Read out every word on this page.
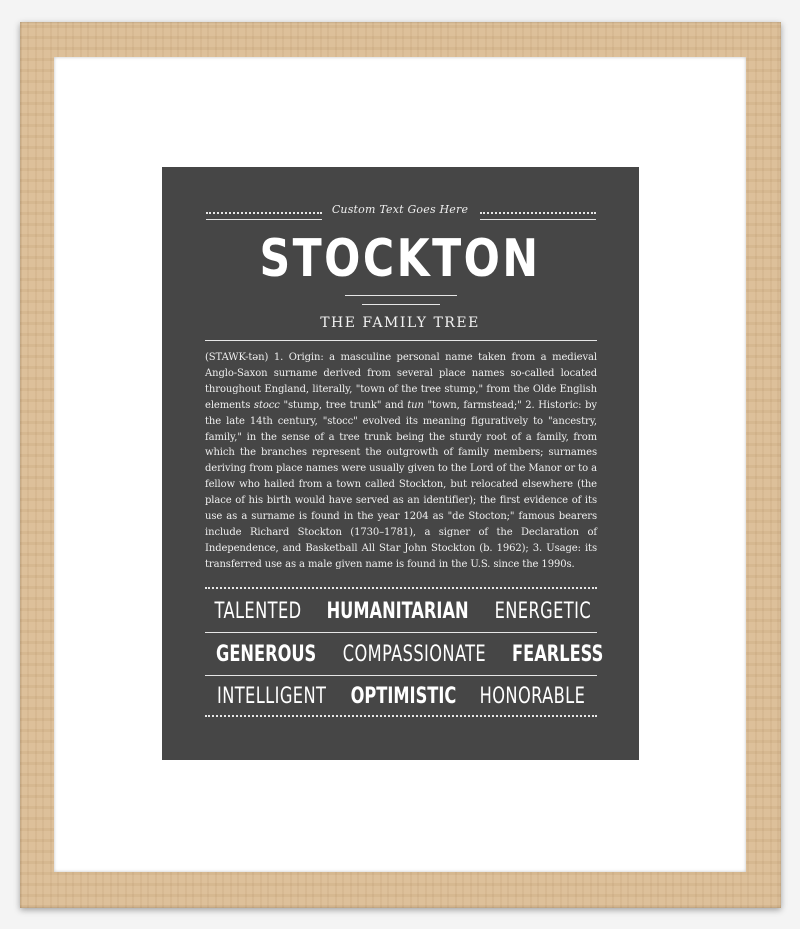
Custom Text Goes Here
STOCKTON
THE FAMILY TREE

(STAWK-tən) 1. Origin: a masculine personal name taken from a medieval Anglo-Saxon surname derived from several place names so-called located throughout England, literally, "town of the tree stump," from the Olde English elements stocc "stump, tree trunk" and tun "town, farmstead;" 2. Historic: by the late 14th century, "stocc" evolved its meaning figuratively to "ancestry, family," in the sense of a tree trunk being the sturdy root of a family, from which the branches represent the outgrowth of family members; surnames deriving from place names were usually given to the Lord of the Manor or to a fellow who hailed from a town called Stockton, but relocated elsewhere (the place of his birth would have served as an identifier); the first evidence of its use as a surname is found in the year 1204 as "de Stocton;" famous bearers include Richard Stockton (1730–1781), a signer of the Declaration of Independence, and Basketball All Star John Stockton (b. 1962); 3. Usage: its transferred use as a male given name is found in the U.S. since the 1990s.

TALENTED HUMANITARIAN ENERGETIC
GENEROUS COMPASSIONATE FEARLESS
INTELLIGENT OPTIMISTIC HONORABLE
